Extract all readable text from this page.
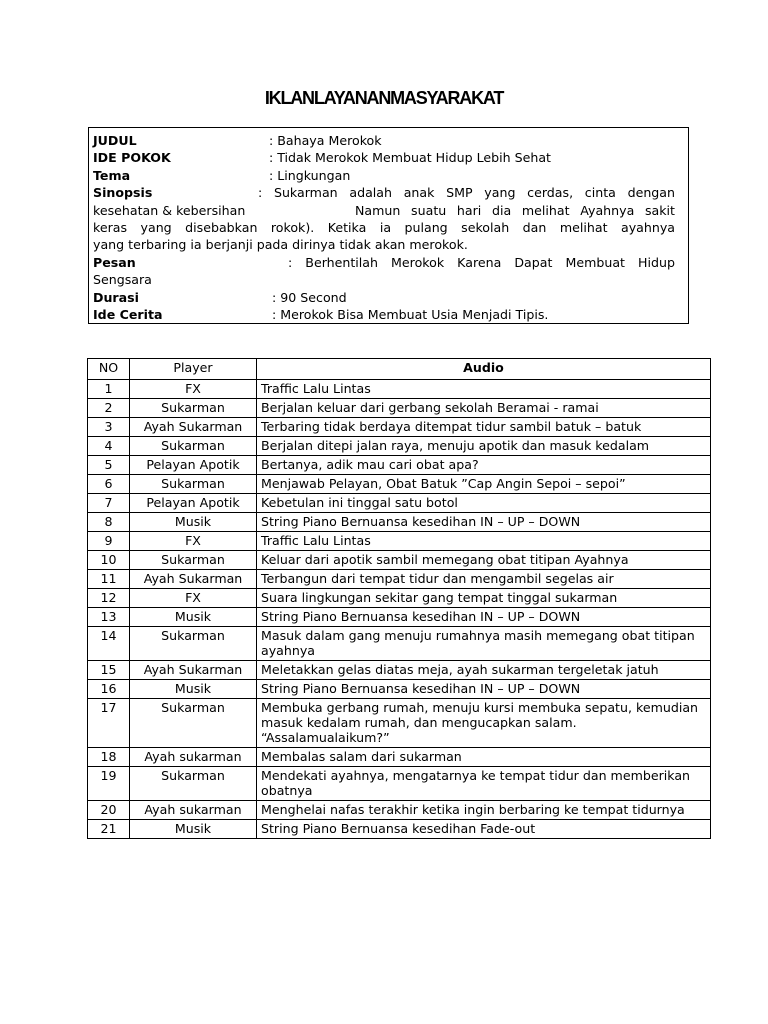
IKLANLAYANANMASYARAKAT
JUDUL	: Bahaya Merokok
IDE POKOK	: Tidak Merokok Membuat Hidup Lebih Sehat
Tema	: Lingkungan
Sinopsis	: Sukarman adalah anak SMP yang cerdas, cinta dengan
kesehatan & kebersihan	Namun suatu hari dia melihat Ayahnya sakit
keras yang disebabkan rokok). Ketika ia pulang sekolah dan melihat ayahnya
yang terbaring ia berjanji pada dirinya tidak akan merokok.
Pesan	: Berhentilah Merokok Karena Dapat Membuat Hidup
Sengsara
Durasi	: 90 Second
Ide Cerita	: Merokok Bisa Membuat Usia Menjadi Tipis.
NO	Player	Audio
1	FX	Traffic Lalu Lintas
2	Sukarman	Berjalan keluar dari gerbang sekolah Beramai - ramai
3	Ayah Sukarman	Terbaring tidak berdaya ditempat tidur sambil batuk – batuk
4	Sukarman	Berjalan ditepi jalan raya, menuju apotik dan masuk kedalam
5	Pelayan Apotik	Bertanya, adik mau cari obat apa?
6	Sukarman	Menjawab Pelayan, Obat Batuk ”Cap Angin Sepoi – sepoi”
7	Pelayan Apotik	Kebetulan ini tinggal satu botol
8	Musik	String Piano Bernuansa kesedihan IN – UP – DOWN
9	FX	Traffic Lalu Lintas
10	Sukarman	Keluar dari apotik sambil memegang obat titipan Ayahnya
11	Ayah Sukarman	Terbangun dari tempat tidur dan mengambil segelas air
12	FX	Suara lingkungan sekitar gang tempat tinggal sukarman
13	Musik	String Piano Bernuansa kesedihan IN – UP – DOWN
14	Sukarman	Masuk dalam gang menuju rumahnya masih memegang obat titipan ayahnya
15	Ayah Sukarman	Meletakkan gelas diatas meja, ayah sukarman tergeletak jatuh
16	Musik	String Piano Bernuansa kesedihan IN – UP – DOWN
17	Sukarman	Membuka gerbang rumah, menuju kursi membuka sepatu, kemudian masuk kedalam rumah, dan mengucapkan salam. “Assalamualaikum?”
18	Ayah sukarman	Membalas salam dari sukarman
19	Sukarman	Mendekati ayahnya, mengatarnya ke tempat tidur dan memberikan obatnya
20	Ayah sukarman	Menghelai nafas terakhir ketika ingin berbaring ke tempat tidurnya
21	Musik	String Piano Bernuansa kesedihan Fade-out
